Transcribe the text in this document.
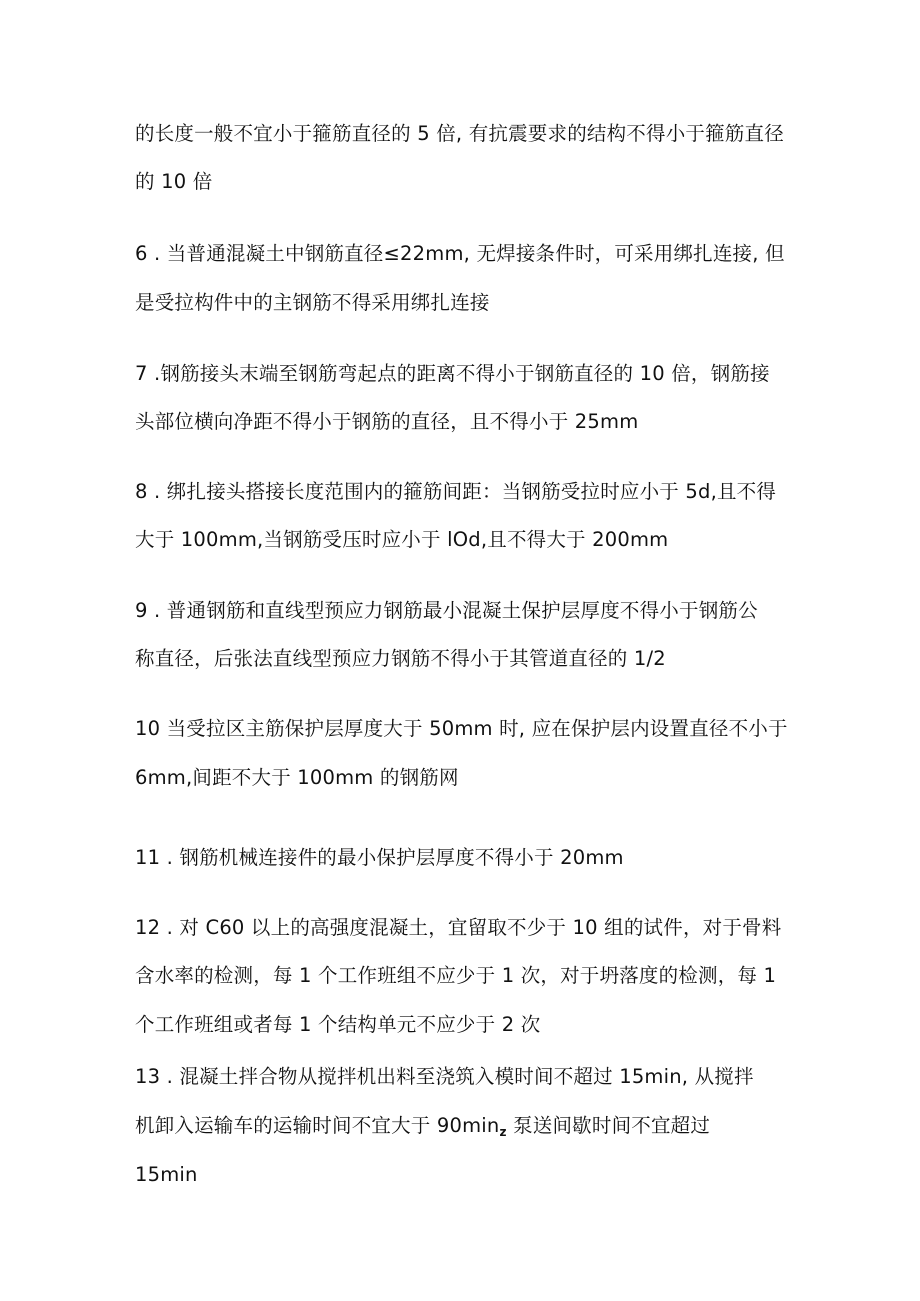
的长度一般不宜小于箍筋直径的 5 倍, 有抗震要求的结构不得小于箍筋直径

的 10 倍

6 . 当普通混凝土中钢筋直径≤22mm, 无焊接条件时，可采用绑扎连接, 但

是受拉构件中的主钢筋不得采用绑扎连接

7 .钢筋接头末端至钢筋弯起点的距离不得小于钢筋直径的 10 倍，钢筋接

头部位横向净距不得小于钢筋的直径，且不得小于 25mm

8 . 绑扎接头搭接长度范围内的箍筋间距：当钢筋受拉时应小于 5d,且不得

大于 100mm,当钢筋受压时应小于 lOd,且不得大于 200mm

9 . 普通钢筋和直线型预应力钢筋最小混凝土保护层厚度不得小于钢筋公

称直径，后张法直线型预应力钢筋不得小于其管道直径的 1/2

10 当受拉区主筋保护层厚度大于 50mm 时, 应在保护层内设置直径不小于

6mm,间距不大于 100mm 的钢筋网

11 . 钢筋机械连接件的最小保护层厚度不得小于 20mm

12 . 对 C60 以上的高强度混凝土，宜留取不少于 10 组的试件，对于骨料

含水率的检测，每 1 个工作班组不应少于 1 次，对于坍落度的检测，每 1

个工作班组或者每 1 个结构单元不应少于 2 次

13 . 混凝土拌合物从搅拌机出料至浇筑入模时间不超过 15min, 从搅拌

机卸入运输车的运输时间不宜大于 $90\min_z$ 泵送间歇时间不宜超过

15min
